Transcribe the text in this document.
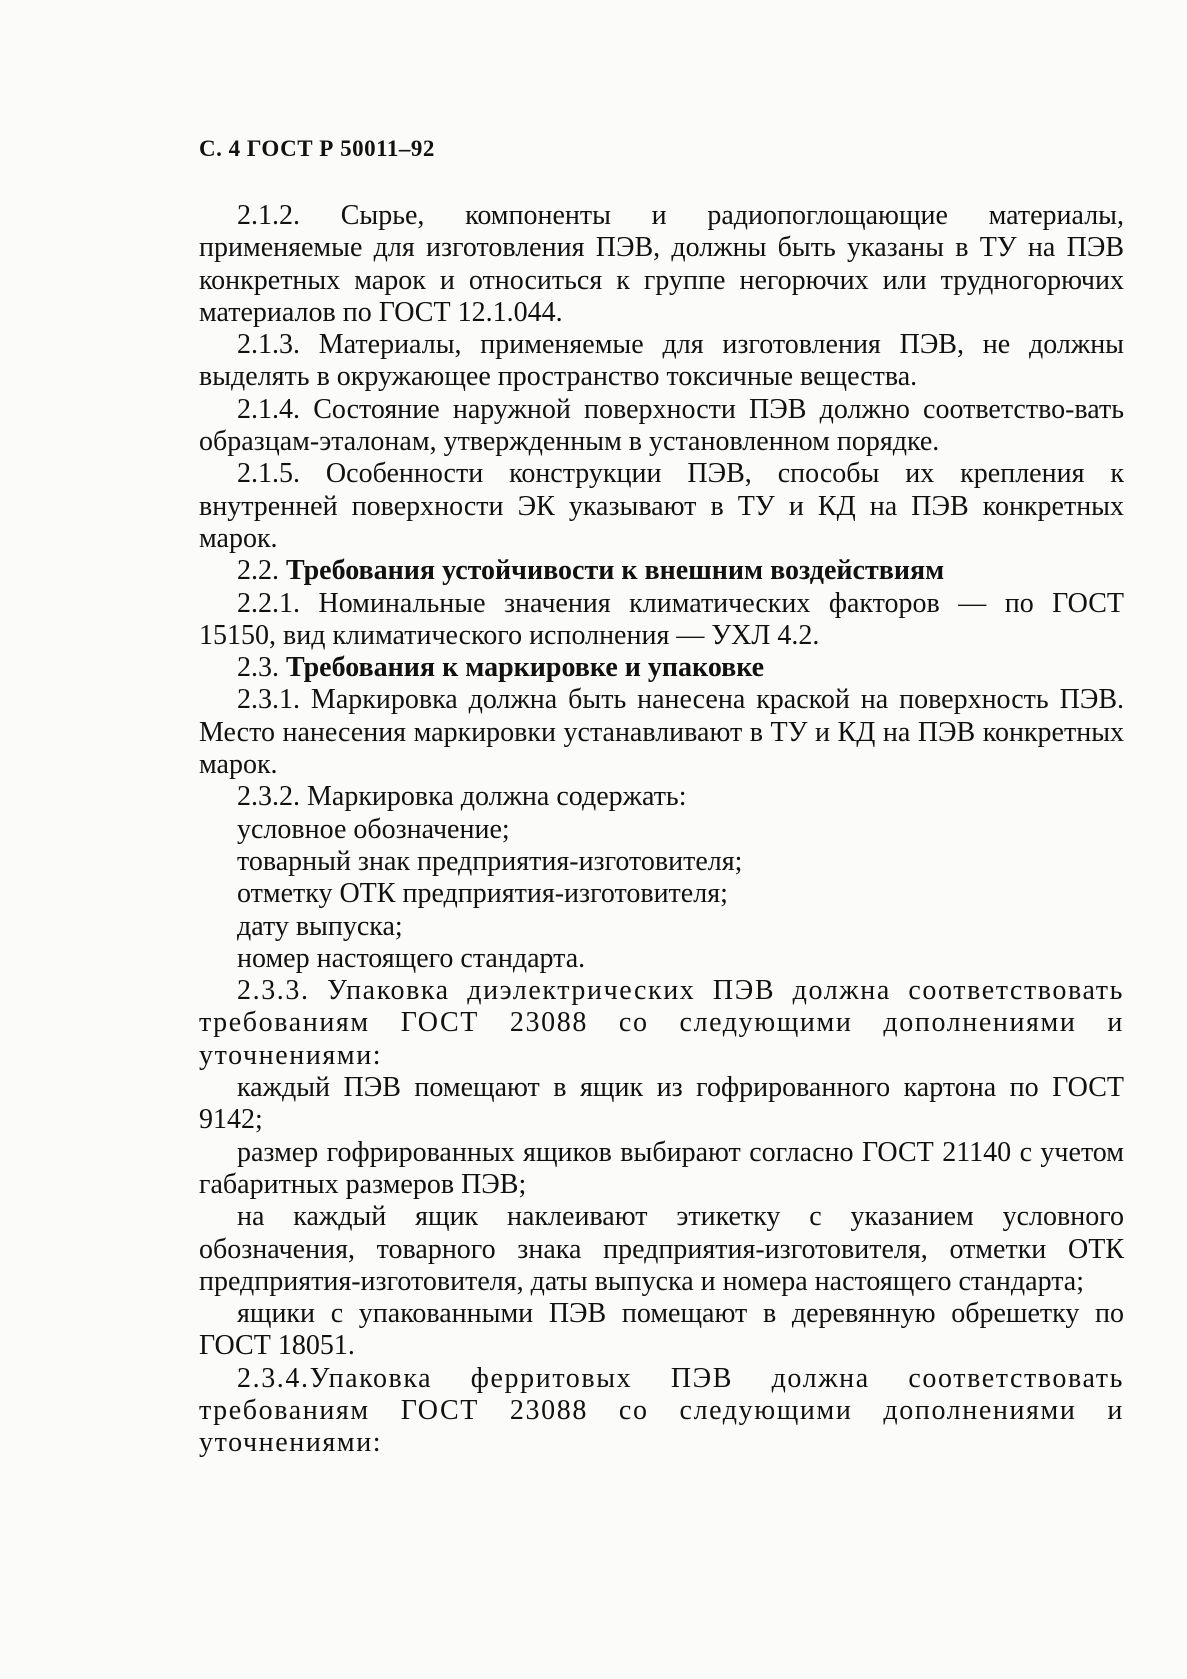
С. 4 ГОСТ Р 50011–92

2.1.2. Сырье, компоненты и радиопоглощающие материалы, применяемые для изготовления ПЭВ, должны быть указаны в ТУ на ПЭВ конкретных марок и относиться к группе негорючих или трудногорючих материалов по ГОСТ 12.1.044.

2.1.3. Материалы, применяемые для изготовления ПЭВ, не должны выделять в окружающее пространство токсичные вещества.

2.1.4. Состояние наружной поверхности ПЭВ должно соответство-вать образцам-эталонам, утвержденным в установленном порядке.

2.1.5. Особенности конструкции ПЭВ, способы их крепления к внутренней поверхности ЭК указывают в ТУ и КД на ПЭВ конкретных марок.

2.2. Требования устойчивости к внешним воздействиям

2.2.1. Номинальные значения климатических факторов — по ГОСТ 15150, вид климатического исполнения — УХЛ 4.2.

2.3. Требования к маркировке и упаковке

2.3.1. Маркировка должна быть нанесена краской на поверхность ПЭВ. Место нанесения маркировки устанавливают в ТУ и КД на ПЭВ конкретных марок.

2.3.2. Маркировка должна содержать:

условное обозначение;

товарный знак предприятия-изготовителя;

отметку ОТК предприятия-изготовителя;

дату выпуска;

номер настоящего стандарта.

2.3.3. Упаковка диэлектрических ПЭВ должна соответствовать требованиям ГОСТ 23088 со следующими дополнениями и уточнениями:

каждый ПЭВ помещают в ящик из гофрированного картона по ГОСТ 9142;

размер гофрированных ящиков выбирают согласно ГОСТ 21140 с учетом габаритных размеров ПЭВ;

на каждый ящик наклеивают этикетку с указанием условного обозначения, товарного знака предприятия-изготовителя, отметки ОТК предприятия-изготовителя, даты выпуска и номера настоящего стандарта;

ящики с упакованными ПЭВ помещают в деревянную обрешетку по ГОСТ 18051.

2.3.4.Упаковка ферритовых ПЭВ должна соответствовать требованиям ГОСТ 23088 со следующими дополнениями и уточнениями:
